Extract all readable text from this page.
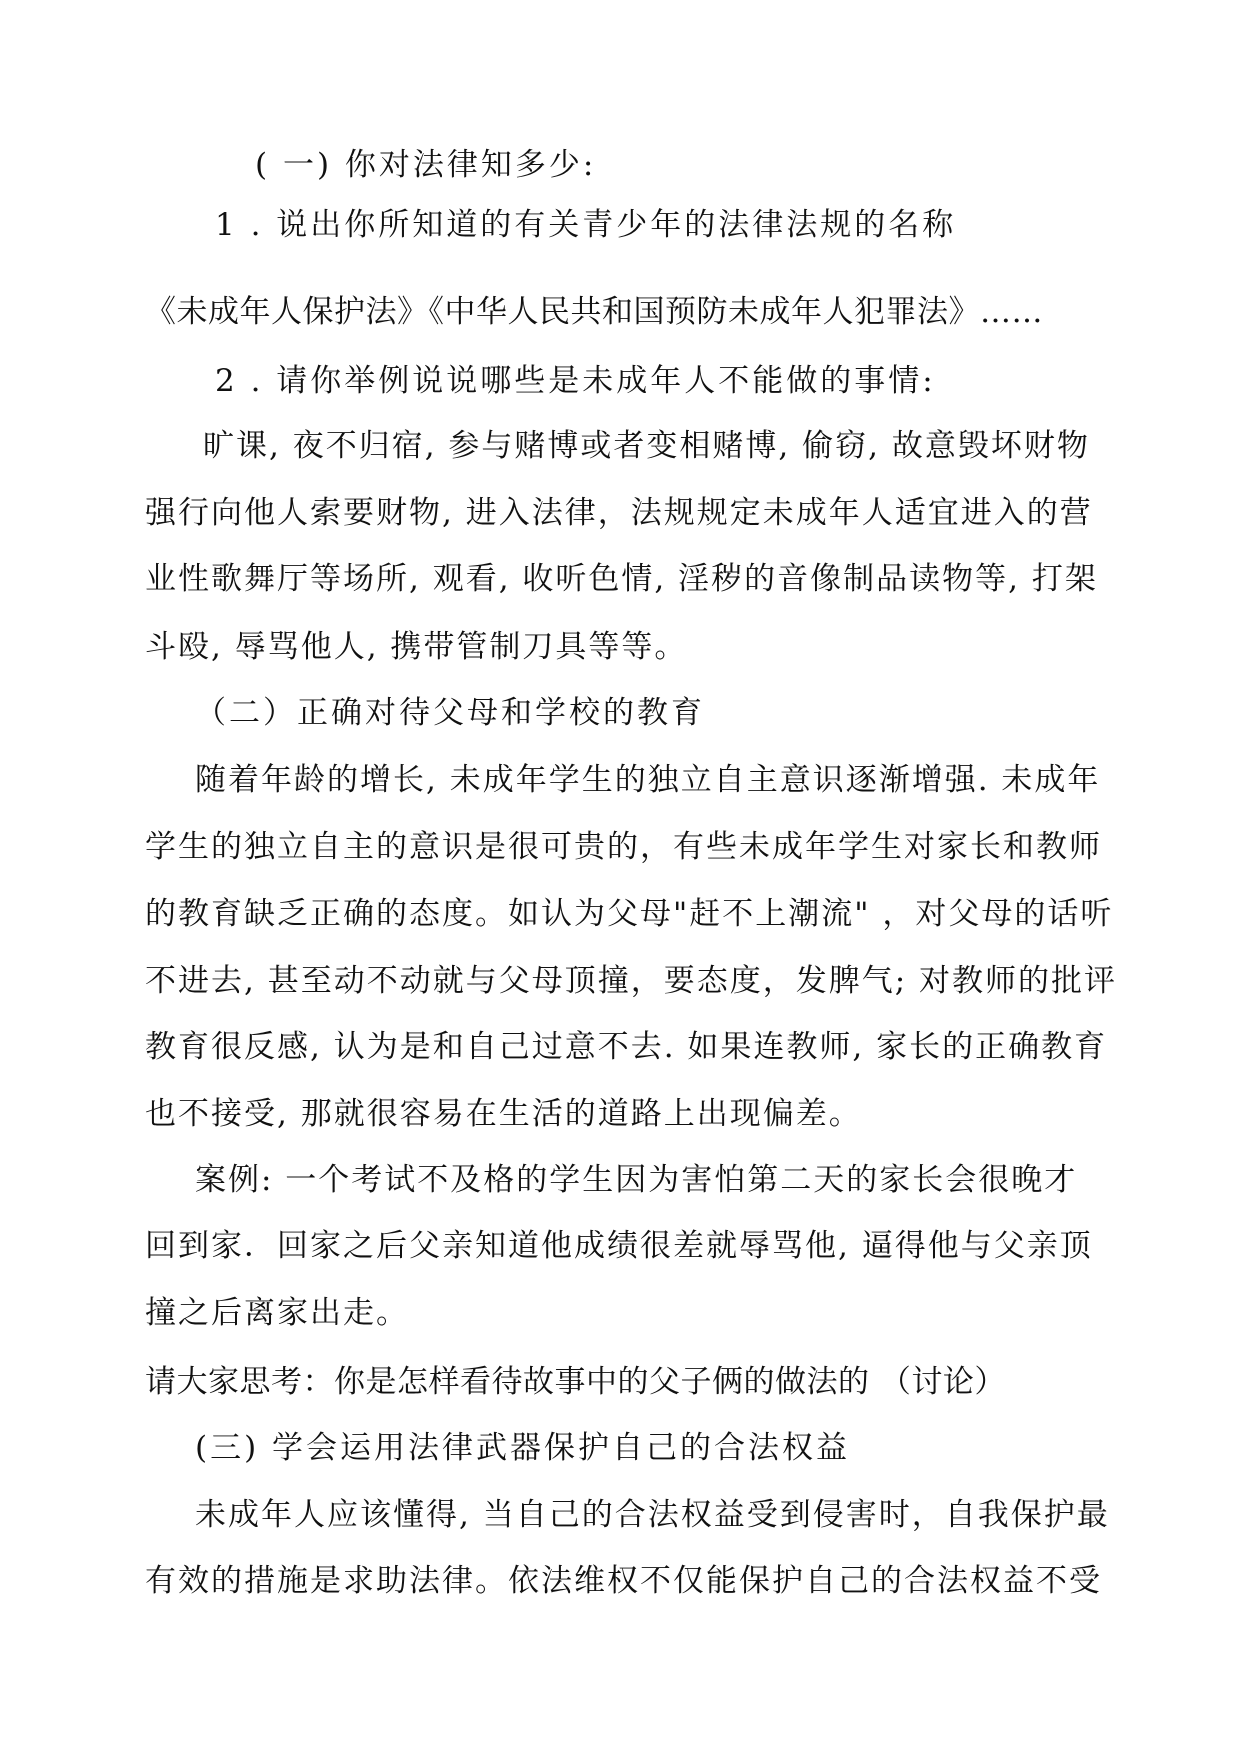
( 一) 你对法律知多少:

1 . 说出你所知道的有关青少年的法律法规的名称

《未成年人保护法》《中华人民共和国预防未成年人犯罪法》……

2 . 请你举例说说哪些是未成年人不能做的事情:

旷课, 夜不归宿, 参与赌博或者变相赌博, 偷窃, 故意毁坏财物

强行向他人索要财物, 进入法律，法规规定未成年人适宜进入的营

业性歌舞厅等场所, 观看, 收听色情, 淫秽的音像制品读物等, 打架

斗殴, 辱骂他人, 携带管制刀具等等。

（二）正确对待父母和学校的教育

随着年龄的增长, 未成年学生的独立自主意识逐渐增强. 未成年

学生的独立自主的意识是很可贵的，有些未成年学生对家长和教师

的教育缺乏正确的态度。如认为父母"赶不上潮流" ，对父母的话听

不进去, 甚至动不动就与父母顶撞，要态度，发脾气; 对教师的批评

教育很反感, 认为是和自己过意不去. 如果连教师, 家长的正确教育

也不接受, 那就很容易在生活的道路上出现偏差。

案例: 一个考试不及格的学生因为害怕第二天的家长会很晚才

回到家．回家之后父亲知道他成绩很差就辱骂他, 逼得他与父亲顶

撞之后离家出走。

请大家思考：你是怎样看待故事中的父子俩的做法的 （讨论）

(三) 学会运用法律武器保护自己的合法权益

未成年人应该懂得, 当自己的合法权益受到侵害时，自我保护最

有效的措施是求助法律。依法维权不仅能保护自己的合法权益不受
